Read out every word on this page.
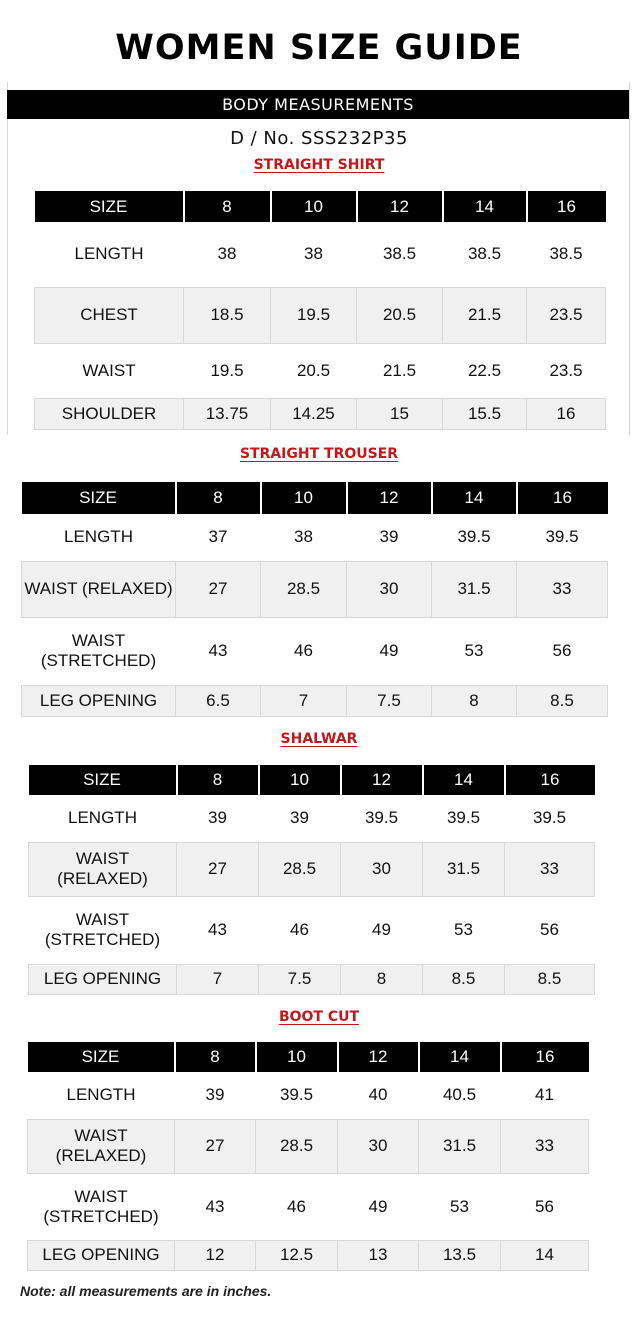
WOMEN SIZE GUIDE
BODY MEASUREMENTS
D / No. SSS232P35
STRAIGHT SHIRT
SIZE	8	10	12	14	16
LENGTH	38	38	38.5	38.5	38.5
CHEST	18.5	19.5	20.5	21.5	23.5
WAIST	19.5	20.5	21.5	22.5	23.5
SHOULDER	13.75	14.25	15	15.5	16
STRAIGHT TROUSER
SIZE	8	10	12	14	16
LENGTH	37	38	39	39.5	39.5
WAIST (RELAXED)	27	28.5	30	31.5	33
WAIST (STRETCHED)	43	46	49	53	56
LEG OPENING	6.5	7	7.5	8	8.5
SHALWAR
SIZE	8	10	12	14	16
LENGTH	39	39	39.5	39.5	39.5
WAIST (RELAXED)	27	28.5	30	31.5	33
WAIST (STRETCHED)	43	46	49	53	56
LEG OPENING	7	7.5	8	8.5	8.5
BOOT CUT
SIZE	8	10	12	14	16
LENGTH	39	39.5	40	40.5	41
WAIST (RELAXED)	27	28.5	30	31.5	33
WAIST (STRETCHED)	43	46	49	53	56
LEG OPENING	12	12.5	13	13.5	14
Note: all measurements are in inches.
